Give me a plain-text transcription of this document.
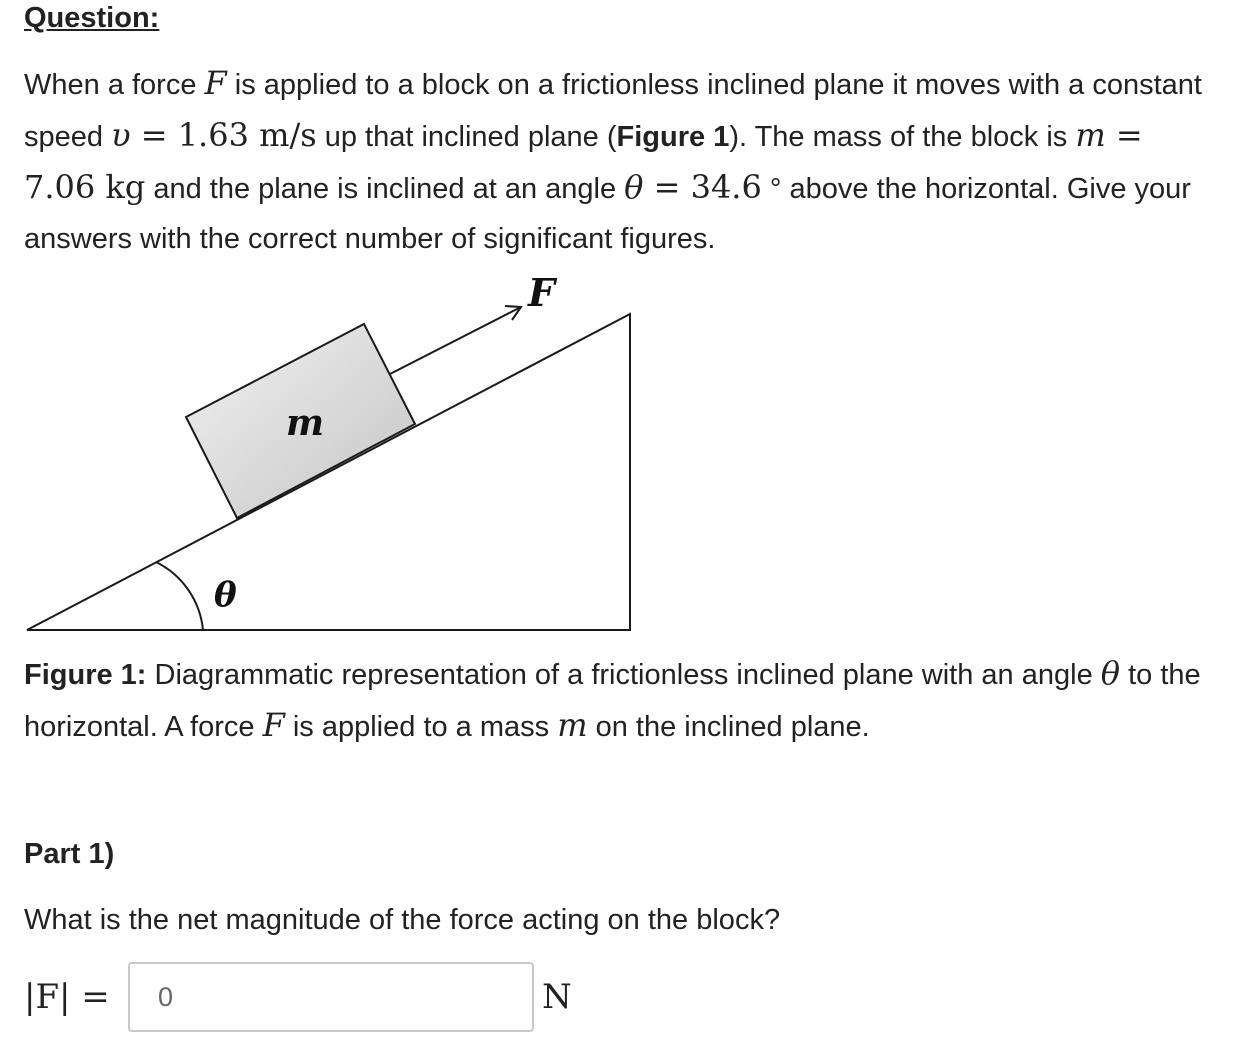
Question:
When a force F is applied to a block on a frictionless inclined plane it moves with a constant speed υ = 1.63 m/s up that inclined plane (Figure 1). The mass of the block is m = 7.06 kg and the plane is inclined at an angle θ = 34.6 ° above the horizontal. Give your answers with the correct number of significant figures.
F
m
θ
Figure 1: Diagrammatic representation of a frictionless inclined plane with an angle θ to the horizontal. A force F is applied to a mass m on the inclined plane.
Part 1)
What is the net magnitude of the force acting on the block?
|F| =
0	N
